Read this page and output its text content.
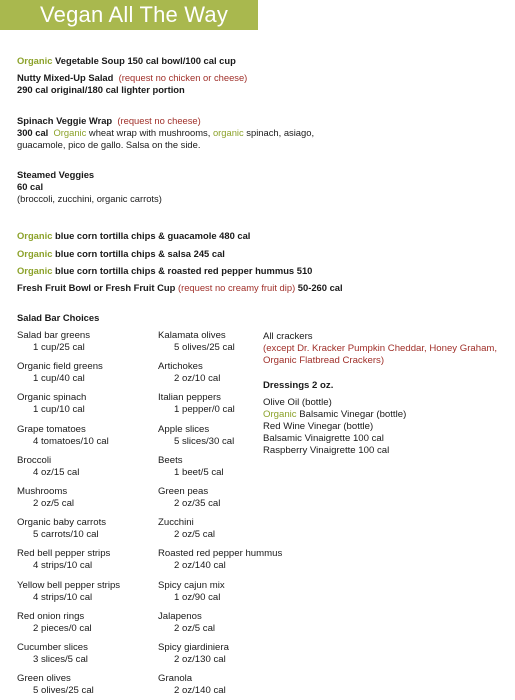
Vegan All The Way
Organic Vegetable Soup 150 cal bowl/100 cal cup
Nutty Mixed-Up Salad (request no chicken or cheese)
290 cal original/180 cal lighter portion
Spinach Veggie Wrap (request no cheese)
300 cal Organic wheat wrap with mushrooms, organic spinach, asiago,
guacamole, pico de gallo. Salsa on the side.
Steamed Veggies
60 cal
(broccoli, zucchini, organic carrots)
Organic blue corn tortilla chips & guacamole 480 cal
Organic blue corn tortilla chips & salsa 245 cal
Organic blue corn tortilla chips & roasted red pepper hummus 510
Fresh Fruit Bowl or Fresh Fruit Cup (request no creamy fruit dip) 50-260 cal
Salad Bar Choices
Salad bar greens
1 cup/25 cal
Organic field greens
1 cup/40 cal
Organic spinach
1 cup/10 cal
Grape tomatoes
4 tomatoes/10 cal
Broccoli
4 oz/15 cal
Mushrooms
2 oz/5 cal
Organic baby carrots
5 carrots/10 cal
Red bell pepper strips
4 strips/10 cal
Yellow bell pepper strips
4 strips/10 cal
Red onion rings
2 pieces/0 cal
Cucumber slices
3 slices/5 cal
Green olives
5 olives/25 cal
Kalamata olives
5 olives/25 cal
Artichokes
2 oz/10 cal
Italian peppers
1 pepper/0 cal
Apple slices
5 slices/30 cal
Beets
1 beet/5 cal
Green peas
2 oz/35 cal
Zucchini
2 oz/5 cal
Roasted red pepper hummus
2 oz/140 cal
Spicy cajun mix
1 oz/90 cal
Jalapenos
2 oz/5 cal
Spicy giardiniera
2 oz/130 cal
Granola
2 oz/140 cal
All crackers
(except Dr. Kracker Pumpkin Cheddar, Honey Graham,
Organic Flatbread Crackers)
Dressings 2 oz.
Olive Oil (bottle)
Organic Balsamic Vinegar (bottle)
Red Wine Vinegar (bottle)
Balsamic Vinaigrette 100 cal
Raspberry Vinaigrette 100 cal
